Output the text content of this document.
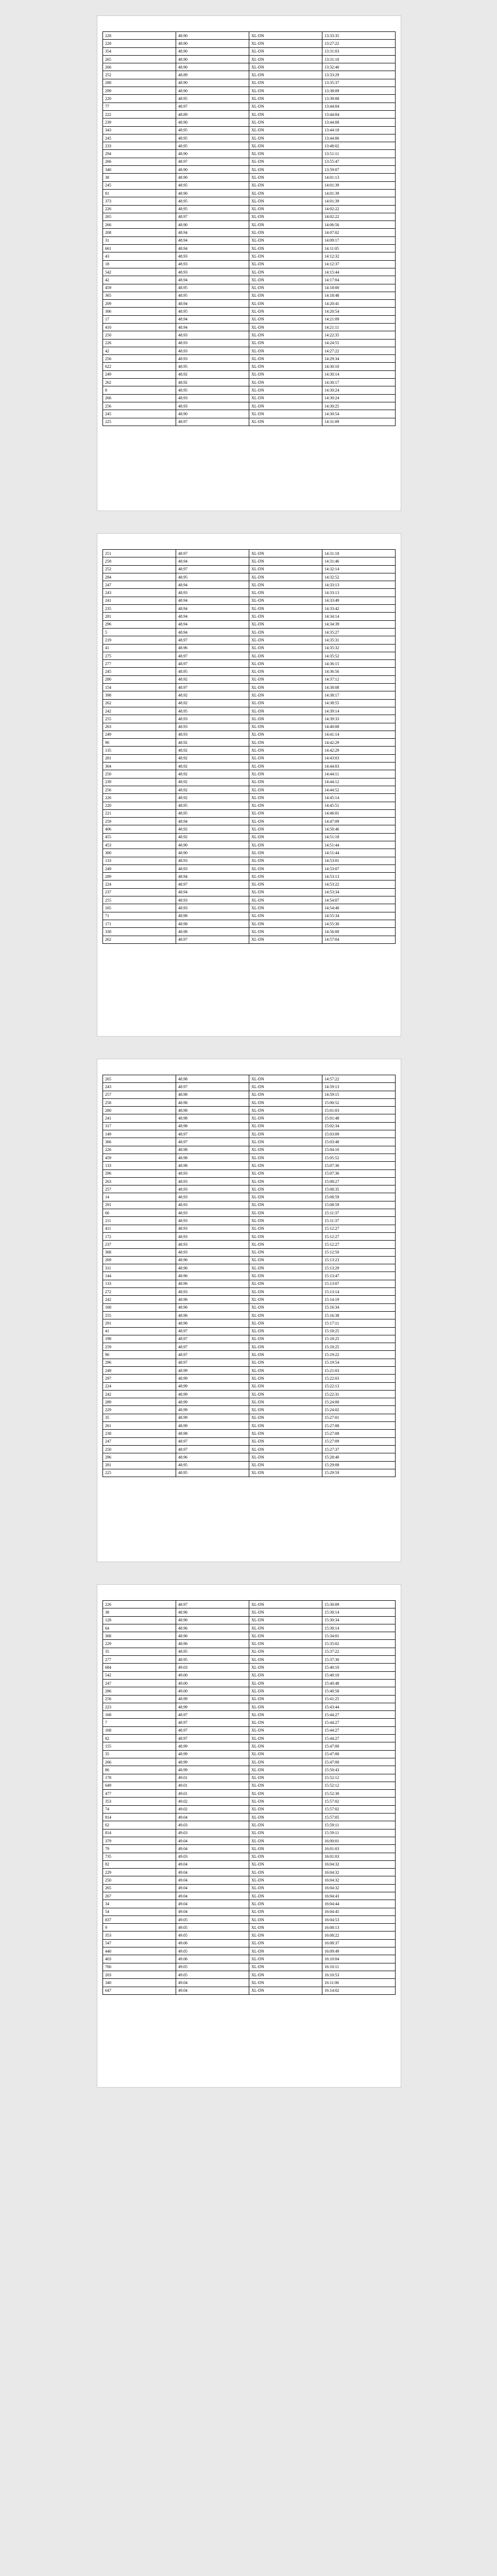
228	48.90	XL-DN	13:33:35
228	48.90	XL-DN	13:27:22
354	48.90	XL-DN	13:31:03
265	48.90	XL-DN	13:31:10
266	48.90	XL-DN	13:32:40
252	48.89	XL-DN	13:33:29
288	48.90	XL-DN	13:35:37
299	48.90	XL-DN	13:38:09
220	48.95	XL-DN	13:39:08
77	48.97	XL-DN	13:44:04
222	48.89	XL-DN	13:44:04
239	48.90	XL-DN	13:44:08
343	48.95	XL-DN	13:44:18
245	48.95	XL-DN	13:44:06
233	48.95	XL-DN	13:48:02
294	48.90	XL-DN	13:51:11
266	48.97	XL-DN	13:55:47
340	48.90	XL-DN	13:59:07
38	48.90	XL-DN	14:01:13
245	48.95	XL-DN	14:01:39
81	48.90	XL-DN	14:01:39
373	48.95	XL-DN	14:01:39
226	48.95	XL-DN	14:02:22
265	48.97	XL-DN	14:02:22
266	48.90	XL-DN	14:06:56
208	48.94	XL-DN	14:07:02
31	48.94	XL-DN	14:09:17
661	48.94	XL-DN	14:11:05
43	48.93	XL-DN	14:12:32
18	48.93	XL-DN	14:12:37
542	48.93	XL-DN	14:15:44
42	48.94	XL-DN	14:17:04
459	48.95	XL-DN	14:18:00
365	48.95	XL-DN	14:18:48
209	48.94	XL-DN	14:20:41
306	48.95	XL-DN	14:20:54
17	48.94	XL-DN	14:21:09
410	48.94	XL-DN	14:21:11
250	48.93	XL-DN	14:22:35
226	48.93	XL-DN	14:24:55
42	48.93	XL-DN	14:27:22
256	48.93	XL-DN	14:29:34
622	48.95	XL-DN	14:30:10
249	48.92	XL-DN	14:30:14
262	48.92	XL-DN	14:30:17
8	48.95	XL-DN	14:30:24
266	48.93	XL-DN	14:30:24
256	48.93	XL-DN	14:30:25
245	48.90	XL-DN	14:30:54
225	48.97	XL-DN	14:31:09
251	48.97	XL-DN	14:31:18
258	48.94	XL-DN	14:31:46
252	48.97	XL-DN	14:32:14
284	48.95	XL-DN	14:32:52
247	48.94	XL-DN	14:33:13
243	48.93	XL-DN	14:33:13
241	48.94	XL-DN	14:33:49
235	48.94	XL-DN	14:33:42
281	48.94	XL-DN	14:34:14
296	48.94	XL-DN	14:34:39
5	48.94	XL-DN	14:35:27
219	48.97	XL-DN	14:35:31
41	48.96	XL-DN	14:35:32
275	48.97	XL-DN	14:35:52
277	48.97	XL-DN	14:36:15
245	48.95	XL-DN	14:36:56
280	48.92	XL-DN	14:37:12
154	48.97	XL-DN	14:38:08
398	48.92	XL-DN	14:38:17
262	48.92	XL-DN	14:38:55
242	48.95	XL-DN	14:39:14
255	48.93	XL-DN	14:39:33
263	48.93	XL-DN	14:40:08
249	48.93	XL-DN	14:41:14
90	48.92	XL-DN	14:42:29
135	48.92	XL-DN	14:42:29
281	48.92	XL-DN	14:43:03
304	48.92	XL-DN	14:44:03
250	48.92	XL-DN	14:44:11
239	48.92	XL-DN	14:44:12
256	48.92	XL-DN	14:44:52
226	48.92	XL-DN	14:45:14
220	48.95	XL-DN	14:45:51
221	48.95	XL-DN	14:46:01
259	48.94	XL-DN	14:47:09
406	48.92	XL-DN	14:50:46
455	48.92	XL-DN	14:51:18
453	48.90	XL-DN	14:51:44
300	48.90	XL-DN	14:51:44
133	48.93	XL-DN	14:53:01
249	48.93	XL-DN	14:53:07
289	48.94	XL-DN	14:53:13
224	48.97	XL-DN	14:53:22
237	48.94	XL-DN	14:53:34
255	48.93	XL-DN	14:54:07
165	48.93	XL-DN	14:54:40
71	48.98	XL-DN	14:55:34
171	48.98	XL-DN	14:55:30
330	48.98	XL-DN	14:56:00
262	48.97	XL-DN	14:57:04
265	48.98	XL-DN	14:57:22
243	48.97	XL-DN	14:59:13
257	48.98	XL-DN	14:59:15
258	48.98	XL-DN	15:00:52
280	48.98	XL-DN	15:01:03
241	48.98	XL-DN	15:01:48
317	48.98	XL-DN	15:02:34
149	48.97	XL-DN	15:03:09
366	48.97	XL-DN	15:03:48
226	48.98	XL-DN	15:04:16
459	48.98	XL-DN	15:05:52
133	48.98	XL-DN	15:07:36
296	48.93	XL-DN	15:07:36
263	48.93	XL-DN	15:08:27
257	48.93	XL-DN	15:08:35
14	48.93	XL-DN	15:08:59
291	48.93	XL-DN	15:08:59
66	48.93	XL-DN	15:11:37
211	48.93	XL-DN	15:11:37
411	48.93	XL-DN	15:12:27
172	48.93	XL-DN	15:12:27
237	48.93	XL-DN	15:12:27
368	48.93	XL-DN	15:12:50
269	48.96	XL-DN	15:13:23
311	48.96	XL-DN	15:13:29
144	48.96	XL-DN	15:13:47
133	48.96	XL-DN	15:13:07
272	48.93	XL-DN	15:13:14
242	48.96	XL-DN	15:14:19
168	48.96	XL-DN	15:16:34
255	48.96	XL-DN	15:16:38
291	48.96	XL-DN	15:17:11
41	48.97	XL-DN	15:18:25
198	48.97	XL-DN	15:18:25
259	48.97	XL-DN	15:18:25
90	48.97	XL-DN	15:19:22
296	48.97	XL-DN	15:19:54
249	48.99	XL-DN	15:21:03
297	48.99	XL-DN	15:22:03
224	48.99	XL-DN	15:22:13
242	48.99	XL-DN	15:22:31
289	48.99	XL-DN	15:24:00
229	48.99	XL-DN	15:24:02
35	48.99	XL-DN	15:27:01
261	48.99	XL-DN	15:27:08
238	48.98	XL-DN	15:27:08
247	48.97	XL-DN	15:27:09
250	48.97	XL-DN	15:27:37
296	48.96	XL-DN	15:28:40
281	48.95	XL-DN	15:29:08
225	48.95	XL-DN	15:29:59
226	48.97	XL-DN	15:30:09
38	48.96	XL-DN	15:30:14
128	48.96	XL-DN	15:30:34
64	48.96	XL-DN	15:30:14
368	48.96	XL-DN	15:34:01
229	48.96	XL-DN	15:35:02
35	48.95	XL-DN	15:37:22
277	48.95	XL-DN	15:37:30
684	49.03	XL-DN	15:40:10
542	49.00	XL-DN	15:40:10
247	49.00	XL-DN	15:40:48
286	49.00	XL-DN	15:40:58
256	48.99	XL-DN	15:41:25
223	48.99	XL-DN	15:43:44
168	48.97	XL-DN	15:44:27
7	48.97	XL-DN	15:44:27
168	48.97	XL-DN	15:44:27
82	48.97	XL-DN	15:44:27
155	48.99	XL-DN	15:47:00
35	48.99	XL-DN	15:47:00
266	48.99	XL-DN	15:47:00
86	48.99	XL-DN	15:50:43
178	49.01	XL-DN	15:52:12
649	49.01	XL-DN	15:52:12
477	49.01	XL-DN	15:52:30
353	49.02	XL-DN	15:57:02
74	49.02	XL-DN	15:57:02
814	49.04	XL-DN	15:57:05
62	49.03	XL-DN	15:59:11
814	49.03	XL-DN	15:59:11
379	49.04	XL-DN	16:00:01
79	49.04	XL-DN	16:01:03
735	49.03	XL-DN	16:01:03
82	49.04	XL-DN	16:04:32
229	49.04	XL-DN	16:04:32
250	49.04	XL-DN	16:04:32
265	49.04	XL-DN	16:04:32
267	49.04	XL-DN	16:04:43
34	49.04	XL-DN	16:04:44
54	49.04	XL-DN	16:04:45
837	49.05	XL-DN	16:04:53
9	49.05	XL-DN	16:08:13
353	49.05	XL-DN	16:08:22
547	49.06	XL-DN	16:08:37
440	49.05	XL-DN	16:09:49
403	49.06	XL-DN	16:10:04
766	49.05	XL-DN	16:10:11
203	49.05	XL-DN	16:10:53
340	49.04	XL-DN	16:11:06
647	49.04	XL-DN	16:14:02
